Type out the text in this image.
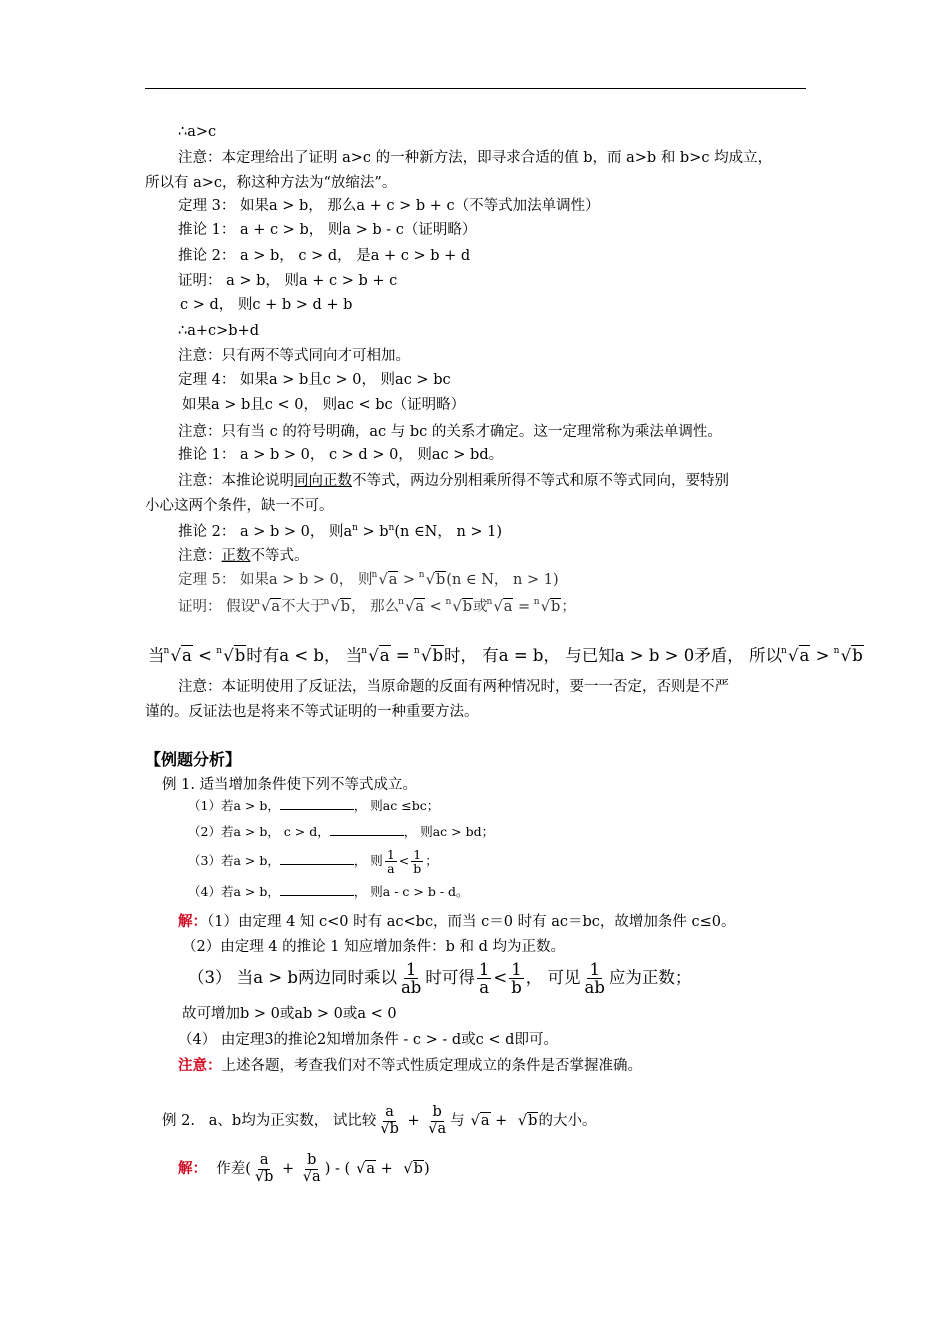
∴a>c
注意：本定理给出了证明 a>c 的一种新方法，即寻求合适的值 b，而 a>b 和 b>c 均成立，
所以有 a>c，称这种方法为“放缩法”。
定理 3： 如果a > b， 那么a + c > b + c（不等式加法单调性）
推论 1： a + c > b， 则a > b - c（证明略）
推论 2： a > b， c > d， 是a + c > b + d
证明： a > b， 则a + c > b + c
c > d， 则c + b > d + b
∴a+c>b+d
注意：只有两不等式同向才可相加。
定理 4： 如果a > b且c > 0， 则ac > bc
如果a > b且c < 0， 则ac < bc（证明略）
注意：只有当 c 的符号明确，ac 与 bc 的关系才确定。这一定理常称为乘法单调性。
推论 1： a > b > 0， c > d > 0， 则ac > bd。
注意：本推论说明同向正数不等式，两边分别相乘所得不等式和原不等式同向，要特别
小心这两个条件，缺一不可。
推论 2： a > b > 0， 则$a^n > b^n(n$ ∈N， n > 1)
注意：正数不等式。
定理 5： 如果a > b > 0， 则 n √a > n √b(n ∈ N， n > 1)
证明： 假设 n √a不大于 n √b， 那么 n √a < n √b或 n √a = n √b；
当 n √a < n √b时有a < b， 当 n √a = n √b时， 有a = b， 与已知a > b > 0矛盾， 所以 n √a > n √b
注意：本证明使用了反证法，当原命题的反面有两种情况时，要一一否定，否则是不严
谨的。反证法也是将来不等式证明的一种重要方法。
【例题分析】
例 1. 适当增加条件使下列不等式成立。
（1）若a > b，	， 则ac ≤bc；
（2）若a > b， c > d，	， 则ac > bd；
（3）若a > b，	， 则 $\frac{1}{a} < \frac{1}{b}$ ；
（4）若a > b，	， 则a - c > b - d。
解：（1）由定理 4 知 c<0 时有 ac<bc，而当 c＝0 时有 ac＝bc，故增加条件 c≤0。
（2）由定理 4 的推论 1 知应增加条件：b 和 d 均为正数。
（3） 当a > b两边同时乘以 $\frac{1}{ab}$ 时可得 $\frac{1}{a} < \frac{1}{b}$ ， 可见 $\frac{1}{ab}$ 应为正数；
故可增加b > 0或ab > 0或a < 0
（4） 由定理3的推论2知增加条件 - c > - d或c < d即可。
注意：上述各题，考查我们对不等式性质定理成立的条件是否掌握准确。
例 2. a、b均为正实数， 试比较 $\frac{a}{√b} + \frac{b}{√a}$ 与 √a + √b的大小。
解： 作差( $\frac{a}{√b} + \frac{b}{√a}$ ) - ( √a + √b)
